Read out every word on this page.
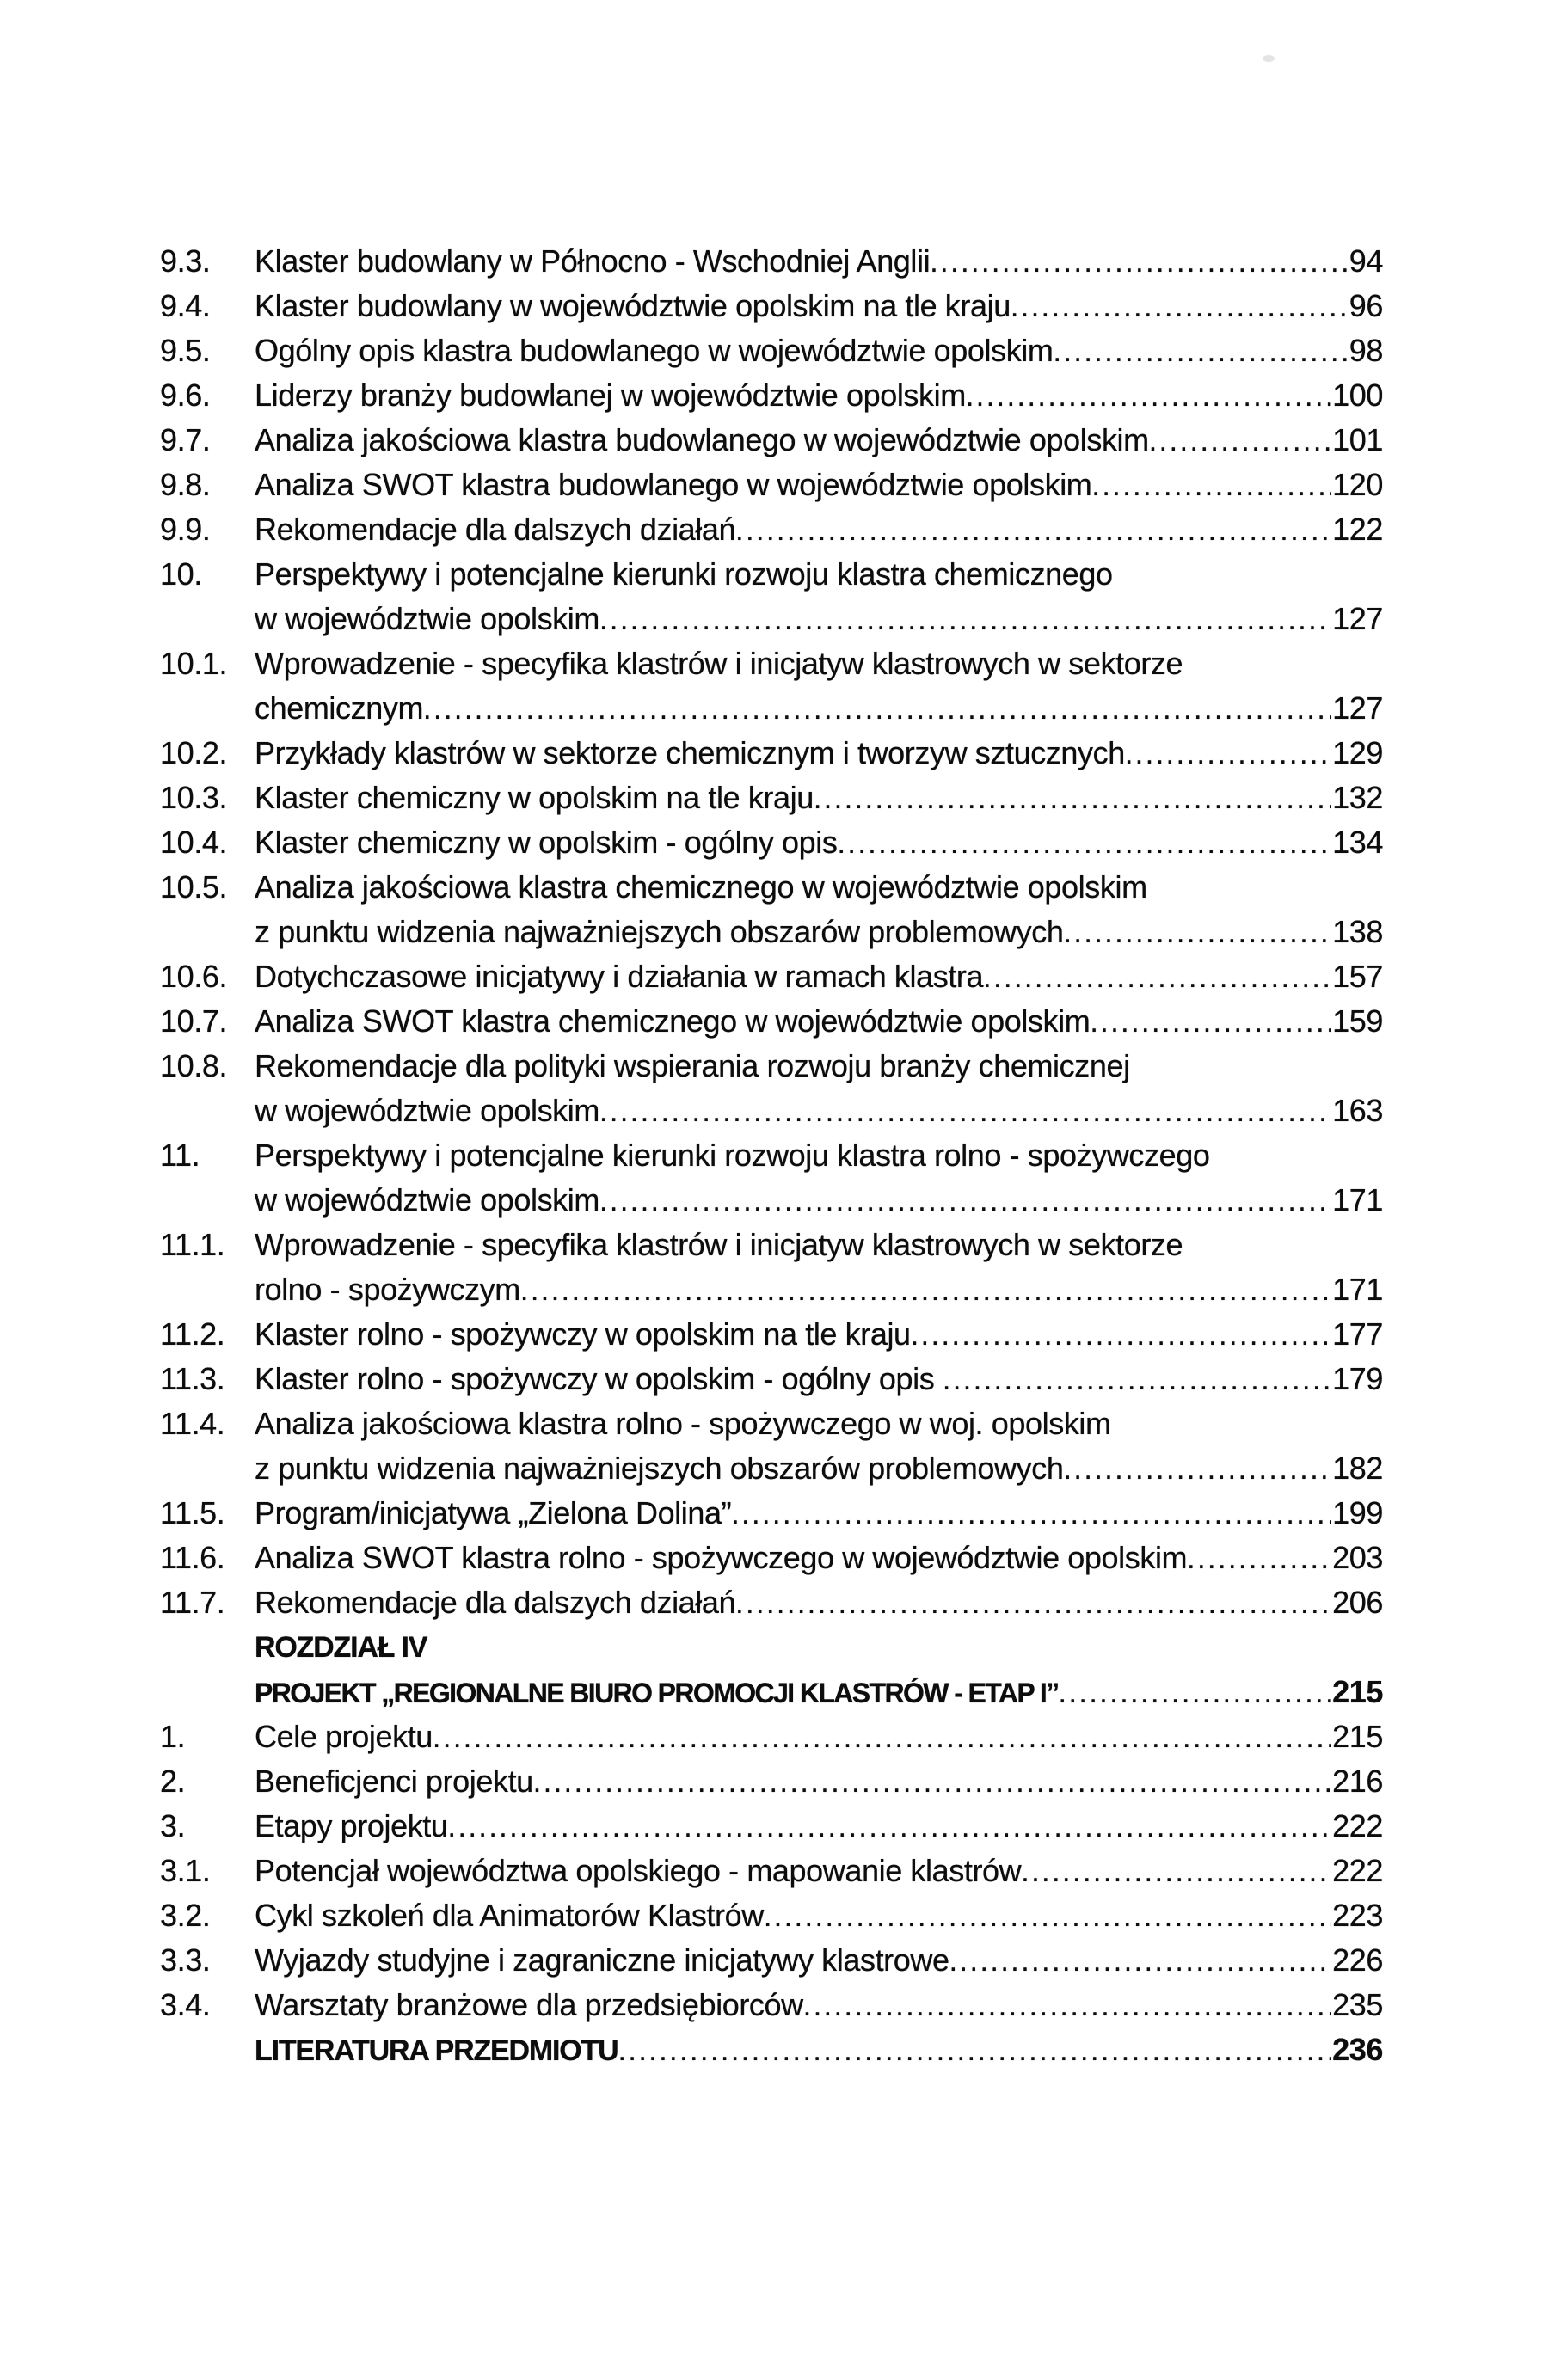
9.3.	Klaster budowlany w Północno - Wschodniej Anglii .....	94
9.4.	Klaster budowlany w województwie opolskim na tle kraju .....	96
9.5.	Ogólny opis klastra budowlanego w województwie opolskim .....	98
9.6.	Liderzy branży budowlanej w województwie opolskim .....	100
9.7.	Analiza jakościowa klastra budowlanego w województwie opolskim .....	101
9.8.	Analiza SWOT klastra budowlanego w województwie opolskim .....	120
9.9.	Rekomendacje dla dalszych działań .....	122
10.	Perspektywy i potencjalne kierunki rozwoju klastra chemicznego
w województwie opolskim .....	127
10.1. Wprowadzenie - specyfika klastrów i inicjatyw klastrowych w sektorze
chemicznym .....	127
10.2. Przykłady klastrów w sektorze chemicznym i tworzyw sztucznych .....	129
10.3. Klaster chemiczny w opolskim na tle kraju .....	132
10.4. Klaster chemiczny w opolskim - ogólny opis .....	134
10.5. Analiza jakościowa klastra chemicznego w województwie opolskim
z punktu widzenia najważniejszych obszarów problemowych .....	138
10.6. Dotychczasowe inicjatywy i działania w ramach klastra .....	157
10.7. Analiza SWOT klastra chemicznego w województwie opolskim .....	159
10.8. Rekomendacje dla polityki wspierania rozwoju branży chemicznej
w województwie opolskim .....	163
11.	Perspektywy i potencjalne kierunki rozwoju klastra rolno - spożywczego
w województwie opolskim .....	171
11.1. Wprowadzenie - specyfika klastrów i inicjatyw klastrowych w sektorze
rolno - spożywczym .....	171
11.2. Klaster rolno - spożywczy w opolskim na tle kraju .....	177
11.3. Klaster rolno - spożywczy w opolskim - ogólny opis .....	179
11.4. Analiza jakościowa klastra rolno - spożywczego w woj. opolskim
z punktu widzenia najważniejszych obszarów problemowych .....	182
11.5. Program/inicjatywa „Zielona Dolina” .....	199
11.6. Analiza SWOT klastra rolno - spożywczego w województwie opolskim .....	203
11.7. Rekomendacje dla dalszych działań .....	206
ROZDZIAŁ IV
PROJEKT „REGIONALNE BIURO PROMOCJI KLASTRÓW - ETAP I” .....	215
1.	Cele projektu .....	215
2.	Beneficjenci projektu .....	216
3.	Etapy projektu .....	222
3.1.	Potencjał województwa opolskiego - mapowanie klastrów .....	222
3.2.	Cykl szkoleń dla Animatorów Klastrów .....	223
3.3.	Wyjazdy studyjne i zagraniczne inicjatywy klastrowe .....	226
3.4.	Warsztaty branżowe dla przedsiębiorców .....	235
LITERATURA PRZEDMIOTU .....	236
